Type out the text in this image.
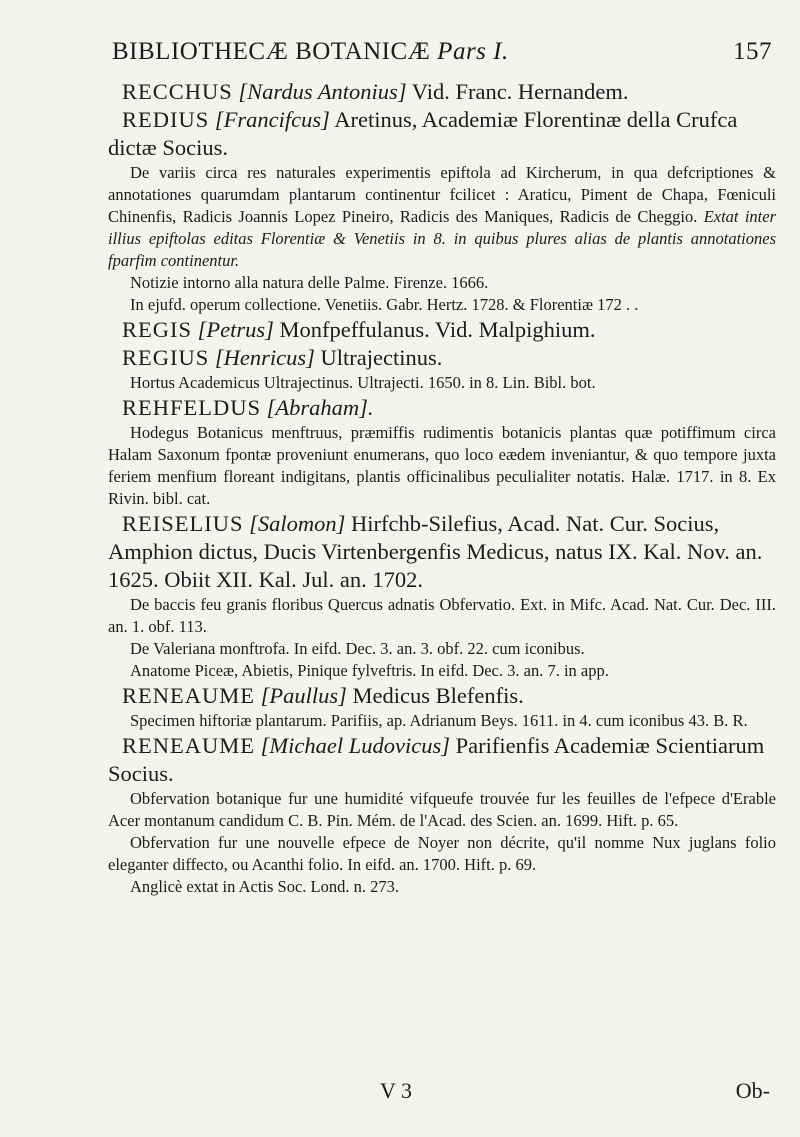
BIBLIOTHECÆ BOTANICÆ Pars I.	157

RECCHUS [Nardus Antonius] Vid. Franc. Hernandem.

REDIUS [Francifcus] Aretinus, Academiæ Florentinæ della Crufca dictæ Socius.

De variis circa res naturales experimentis epiftola ad Kircherum, in qua defcriptiones & annotationes quarumdam plantarum continentur fcilicet : Araticu, Piment de Chapa, Fœniculi Chinenfis, Radicis Joannis Lopez Pineiro, Radicis des Maniques, Radicis de Cheggio. Extat inter illius epiftolas editas Florentiæ & Venetiis in 8. in quibus plures alias de plantis annotationes fparfim continentur.

Notizie intorno alla natura delle Palme. Firenze. 1666.

In ejufd. operum collectione. Venetiis. Gabr. Hertz. 1728. & Florentiæ 172 . .

REGIS [Petrus] Monfpeffulanus. Vid. Malpighium.

REGIUS [Henricus] Ultrajectinus.

Hortus Academicus Ultrajectinus. Ultrajecti. 1650. in 8. Lin. Bibl. bot.

REHFELDUS [Abraham].

Hodegus Botanicus menftruus, præmiffis rudimentis botanicis plantas quæ potiffimum circa Halam Saxonum fpontæ proveniunt enumerans, quo loco eædem inveniantur, & quo tempore juxta feriem menfium floreant indigitans, plantis officinalibus peculialiter notatis. Halæ. 1717. in 8. Ex Rivin. bibl. cat.

REISELIUS [Salomon] Hirfchb-Silefius, Acad. Nat. Cur. Socius, Amphion dictus, Ducis Virtenbergenfis Medicus, natus IX. Kal. Nov. an. 1625. Obiit XII. Kal. Jul. an. 1702.

De baccis feu granis floribus Quercus adnatis Obfervatio. Ext. in Mifc. Acad. Nat. Cur. Dec. III. an. 1. obf. 113.

De Valeriana monftrofa. In eifd. Dec. 3. an. 3. obf. 22. cum iconibus.

Anatome Piceæ, Abietis, Pinique fylveftris. In eifd. Dec. 3. an. 7. in app.

RENEAUME [Paullus] Medicus Blefenfis.

Specimen hiftoriæ plantarum. Parifiis, ap. Adrianum Beys. 1611. in 4. cum iconibus 43. B. R.

RENEAUME [Michael Ludovicus] Parifienfis Academiæ Scientiarum Socius.

Obfervation botanique fur une humidité vifqueufe trouvée fur les feuilles de l'efpece d'Erable Acer montanum candidum C. B. Pin. Mém. de l'Acad. des Scien. an. 1699. Hift. p. 65.

Obfervation fur une nouvelle efpece de Noyer non décrite, qu'il nomme Nux juglans folio eleganter diffecto, ou Acanthi folio. In eifd. an. 1700. Hift. p. 69.

Anglicè extat in Actis Soc. Lond. n. 273.

V 3	Ob-
